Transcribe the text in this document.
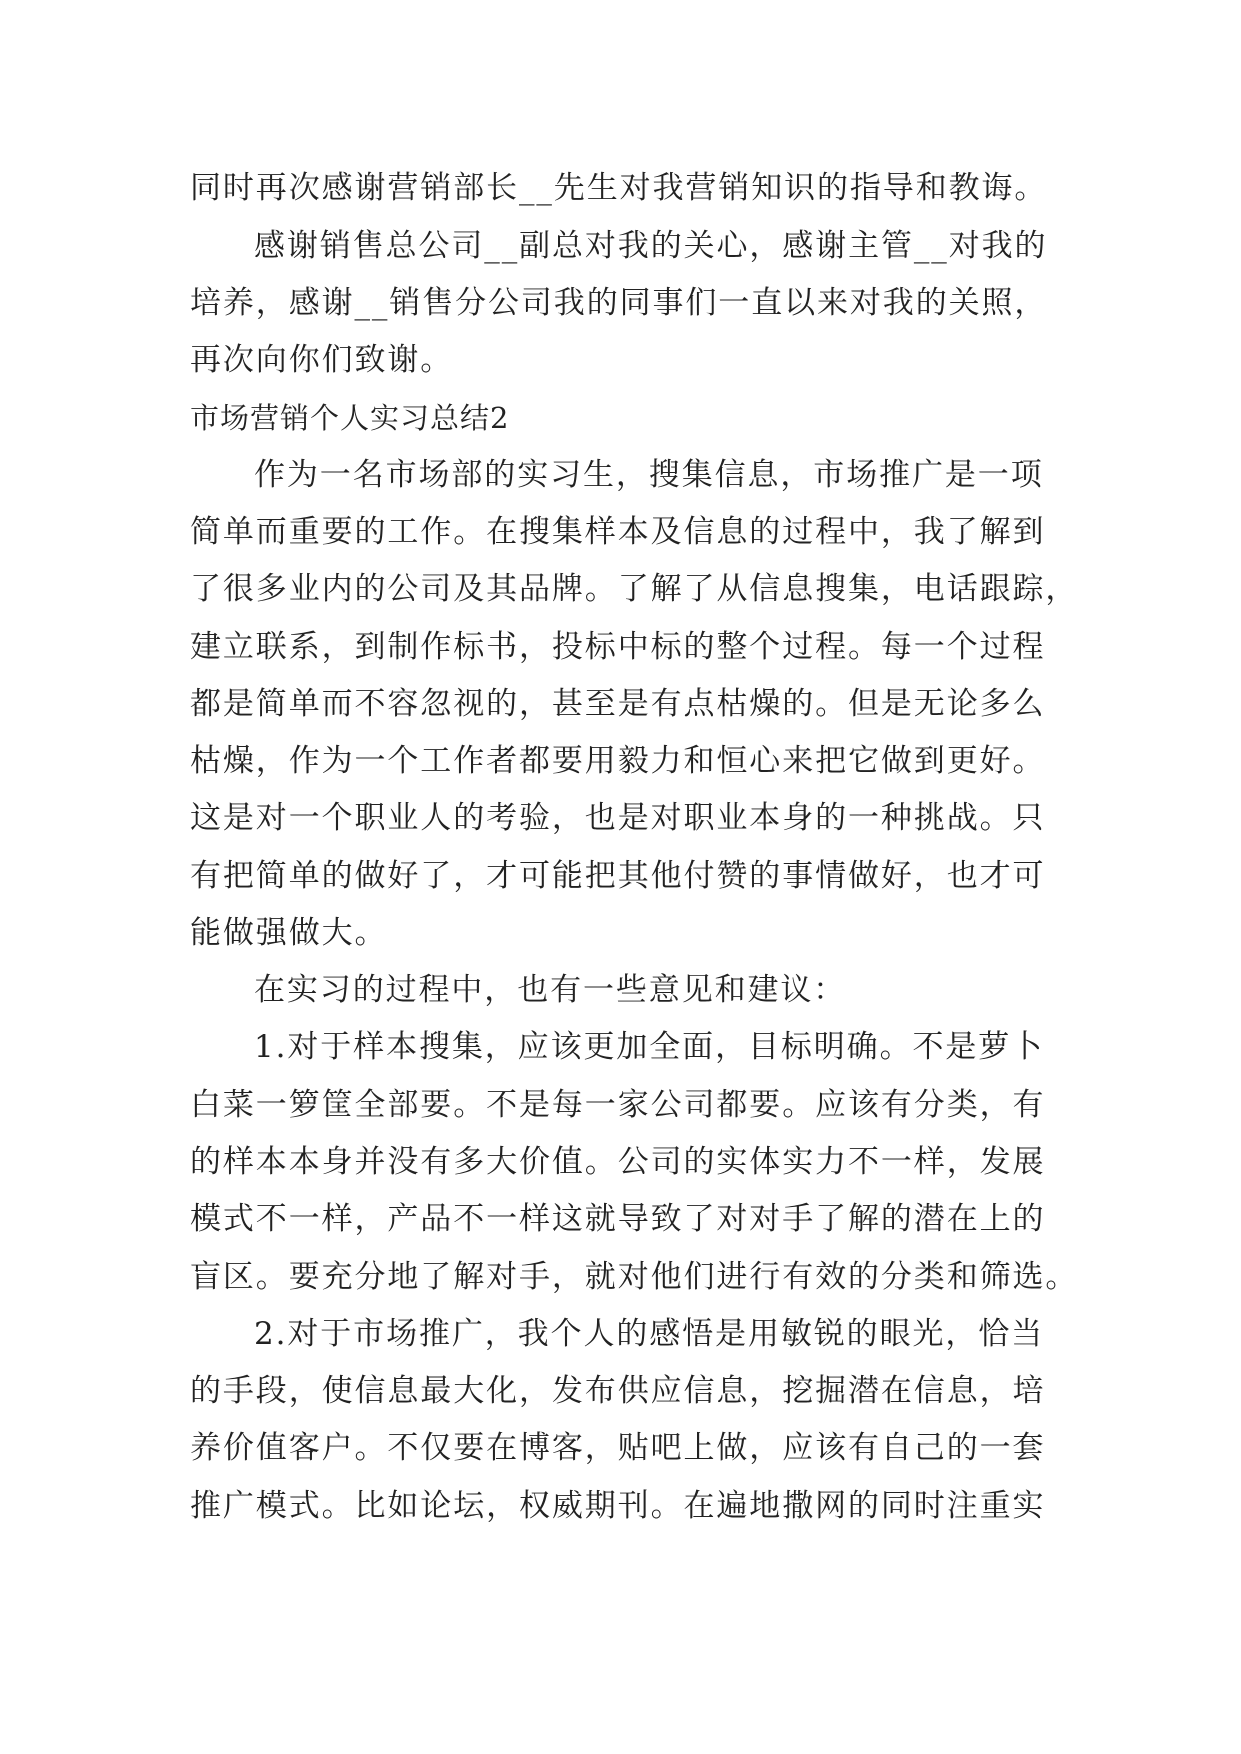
同时再次感谢营销部长__先生对我营销知识的指导和教诲。
感谢销售总公司__副总对我的关心，感谢主管__对我的
培养，感谢__销售分公司我的同事们一直以来对我的关照，
再次向你们致谢。
市场营销个人实习总结2
作为一名市场部的实习生，搜集信息，市场推广是一项
简单而重要的工作。在搜集样本及信息的过程中，我了解到
了很多业内的公司及其品牌。了解了从信息搜集，电话跟踪，
建立联系，到制作标书，投标中标的整个过程。每一个过程
都是简单而不容忽视的，甚至是有点枯燥的。但是无论多么
枯燥，作为一个工作者都要用毅力和恒心来把它做到更好。
这是对一个职业人的考验，也是对职业本身的一种挑战。只
有把简单的做好了，才可能把其他付赞的事情做好，也才可
能做强做大。
在实习的过程中，也有一些意见和建议：
1.对于样本搜集，应该更加全面，目标明确。不是萝卜
白菜一箩筐全部要。不是每一家公司都要。应该有分类，有
的样本本身并没有多大价值。公司的实体实力不一样，发展
模式不一样，产品不一样这就导致了对对手了解的潜在上的
盲区。要充分地了解对手，就对他们进行有效的分类和筛选。
2.对于市场推广，我个人的感悟是用敏锐的眼光，恰当
的手段，使信息最大化，发布供应信息，挖掘潜在信息，培
养价值客户。不仅要在博客，贴吧上做，应该有自己的一套
推广模式。比如论坛，权威期刊。在遍地撒网的同时注重实
